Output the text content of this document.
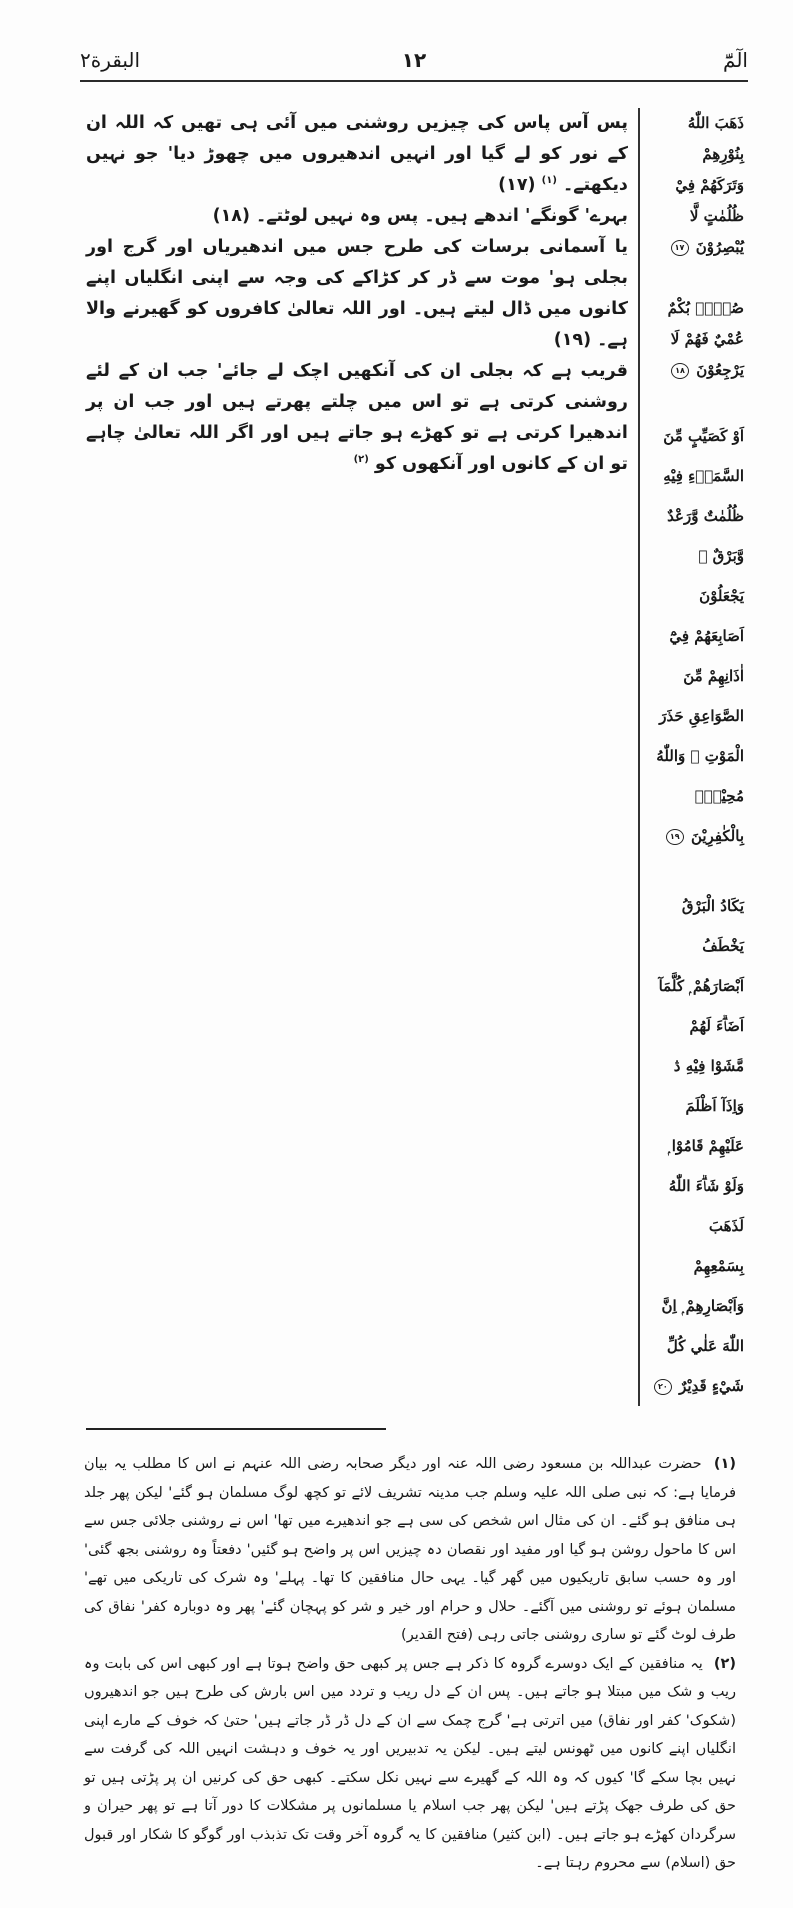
الٓمّٓ
١٢
البقرة٢

ذَهَبَ اللّٰهُ بِنُوْرِهِمْ وَتَرَكَهُمْ فِيْ ظُلُمٰتٍ لَّا يُبْصِرُوْنَ ١٧

صُمٌّۢ بُكْمٌ عُمْيٌ فَهُمْ لَا يَرْجِعُوْنَ ١٨

اَوْ كَصَيِّبٍ مِّنَ السَّمَاۗءِ فِيْهِ ظُلُمٰتٌ وَّرَعْدٌ وَّبَرْقٌ ۚ يَجْعَلُوْنَ اَصَابِعَهُمْ فِيْٓ اٰذَانِهِمْ مِّنَ الصَّوَاعِقِ حَذَرَ الْمَوْتِ ۭ وَاللّٰهُ مُحِيْطٌۢ بِالْكٰفِرِيْنَ ١٩

يَكَادُ الْبَرْقُ يَخْطَفُ اَبْصَارَھُمْ ۭ كُلَّمَآ اَضَاۗءَ لَھُمْ مَّشَوْا فِيْهِ ڎ وَاِذَآ اَظْلَمَ عَلَيْهِمْ قَامُوْا ۭ وَلَوْ شَاۗءَ اللّٰهُ لَذَھَبَ بِسَمْعِهِمْ وَاَبْصَارِهِمْ ۭ اِنَّ اللّٰهَ عَلٰي كُلِّ شَيْءٍ قَدِيْرٌ ٢٠

پس آس پاس کی چیزیں روشنی میں آئی ہی تھیں کہ اللہ ان کے نور کو لے گیا اور انہیں اندھیروں میں چھوڑ دیا' جو نہیں دیکھتے۔ $^{(١)}$ (١٧)

بہرے' گونگے' اندھے ہیں۔ پس وہ نہیں لوٹتے۔ (١٨)

یا آسمانی برسات کی طرح جس میں اندھیریاں اور گرج اور بجلی ہو' موت سے ڈر کر کڑاکے کی وجہ سے اپنی انگلیاں اپنے کانوں میں ڈال لیتے ہیں۔ اور اللہ تعالیٰ کافروں کو گھیرنے والا ہے۔ (١٩)

قریب ہے کہ بجلی ان کی آنکھیں اچک لے جائے' جب ان کے لئے روشنی کرتی ہے تو اس میں چلتے پھرتے ہیں اور جب ان پر اندھیرا کرتی ہے تو کھڑے ہو جاتے ہیں اور اگر اللہ تعالیٰ چاہے تو ان کے کانوں اور آنکھوں کو $^{(٢)}$

(١) حضرت عبداللہ بن مسعود رضی اللہ عنہ اور دیگر صحابہ رضی اللہ عنہم نے اس کا مطلب یہ بیان فرمایا ہے: کہ نبی صلی اللہ علیہ وسلم جب مدینہ تشریف لائے تو کچھ لوگ مسلمان ہو گئے' لیکن پھر جلد ہی منافق ہو گئے۔ ان کی مثال اس شخص کی سی ہے جو اندھیرے میں تھا' اس نے روشنی جلائی جس سے اس کا ماحول روشن ہو گیا اور مفید اور نقصان دہ چیزیں اس پر واضح ہو گئیں' دفعتاً وہ روشنی بجھ گئی' اور وہ حسب سابق تاریکیوں میں گھر گیا۔ یہی حال منافقین کا تھا۔ پہلے' وہ شرک کی تاریکی میں تھے' مسلمان ہوئے تو روشنی میں آگئے۔ حلال و حرام اور خیر و شر کو پہچان گئے' پھر وہ دوبارہ کفر' نفاق کی طرف لوٹ گئے تو ساری روشنی جاتی رہی (فتح القدیر)

(٢) یہ منافقین کے ایک دوسرے گروہ کا ذکر ہے جس پر کبھی حق واضح ہوتا ہے اور کبھی اس کی بابت وہ ریب و شک میں مبتلا ہو جاتے ہیں۔ پس ان کے دل ریب و تردد میں اس بارش کی طرح ہیں جو اندھیروں (شکوک' کفر اور نفاق) میں اترتی ہے' گرج چمک سے ان کے دل ڈر ڈر جاتے ہیں' حتیٰ کہ خوف کے مارے اپنی انگلیاں اپنے کانوں میں ٹھونس لیتے ہیں۔ لیکن یہ تدبیریں اور یہ خوف و دہشت انہیں اللہ کی گرفت سے نہیں بچا سکے گا' کیوں کہ وہ اللہ کے گھیرے سے نہیں نکل سکتے۔ کبھی حق کی کرنیں ان پر پڑتی ہیں تو حق کی طرف جھک پڑتے ہیں' لیکن پھر جب اسلام یا مسلمانوں پر مشکلات کا دور آتا ہے تو پھر حیران و سرگردان کھڑے ہو جاتے ہیں۔ (ابن کثیر) منافقین کا یہ گروہ آخر وقت تک تذبذب اور گوگو کا شکار اور قبول حق (اسلام) سے محروم رہتا ہے۔
